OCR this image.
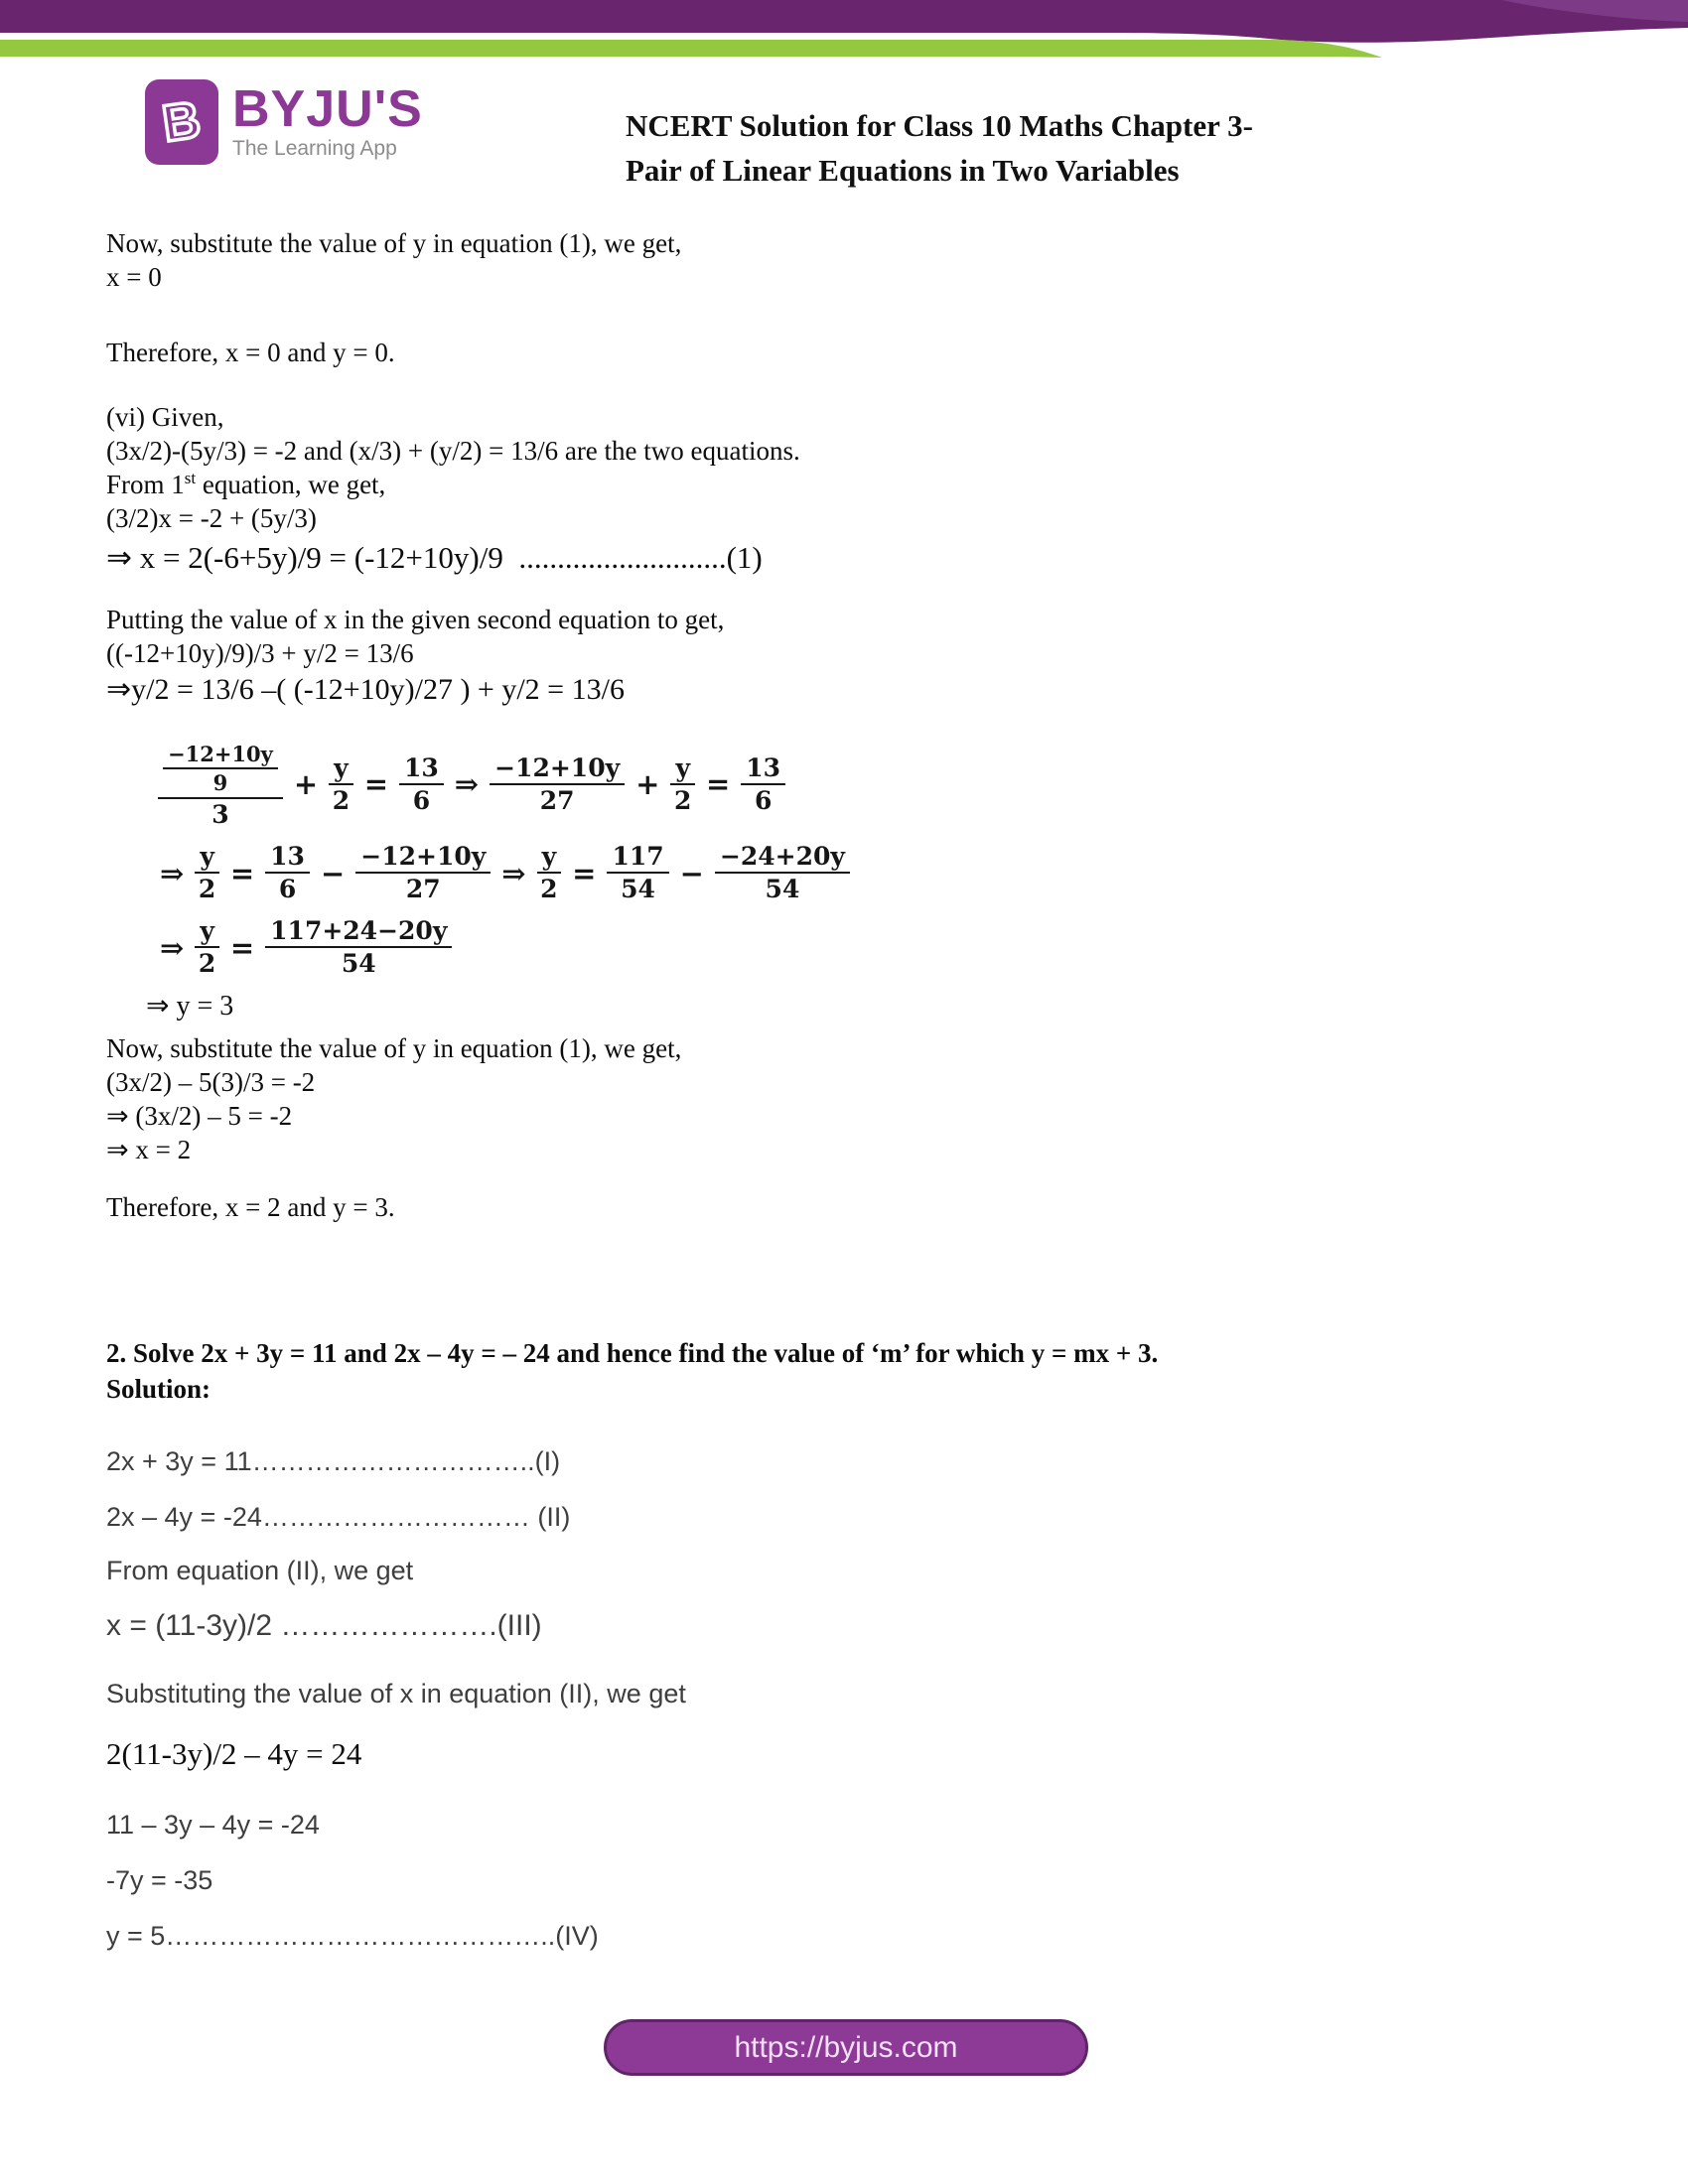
B BYJU'S
The Learning App
NCERT Solution for Class 10 Maths Chapter 3-
Pair of Linear Equations in Two Variables
Now, substitute the value of y in equation (1), we get,
x = 0
Therefore, x = 0 and y = 0.
(vi) Given,
(3x/2)-(5y/3) = -2 and (x/3) + (y/2) = 13/6 are the two equations.
From 1st equation, we get,
(3/2)x = -2 + (5y/3)
⇒ x = 2(-6+5y)/9 = (-12+10y)/9  ...........................(1)
Putting the value of x in the given second equation to get,
((-12+10y)/9)/3 + y/2 = 13/6
⇒y/2 = 13/6 –( (-12+10y)/27 ) + y/2 = 13/6
$\frac{\frac{-12+10y}{9}}{3} + \frac{y}{2} = \frac{13}{6}$ ⇒ $\frac{-12+10y}{27} + \frac{y}{2} = \frac{13}{6}$
⇒ $\frac{y}{2} = \frac{13}{6} - \frac{-12+10y}{27}$ ⇒ $\frac{y}{2} = \frac{117}{54} - \frac{-24+20y}{54}$
⇒ $\frac{y}{2} = \frac{117+24-20y}{54}$
⇒ y = 3
Now, substitute the value of y in equation (1), we get,
(3x/2) – 5(3)/3 = -2
⇒ (3x/2) – 5 = -2
⇒ x = 2
Therefore, x = 2 and y = 3.
2. Solve 2x + 3y = 11 and 2x – 4y = – 24 and hence find the value of ‘m’ for which y = mx + 3.
Solution:
2x + 3y = 11…………………………..(I)
2x – 4y = -24………………………… (II)
From equation (II), we get
x = (11-3y)/2 ………………….(III)
Substituting the value of x in equation (II), we get
2(11-3y)/2 – 4y = 24
11 – 3y – 4y = -24
-7y = -35
y = 5……………………………………..(IV)
https://byjus.com
